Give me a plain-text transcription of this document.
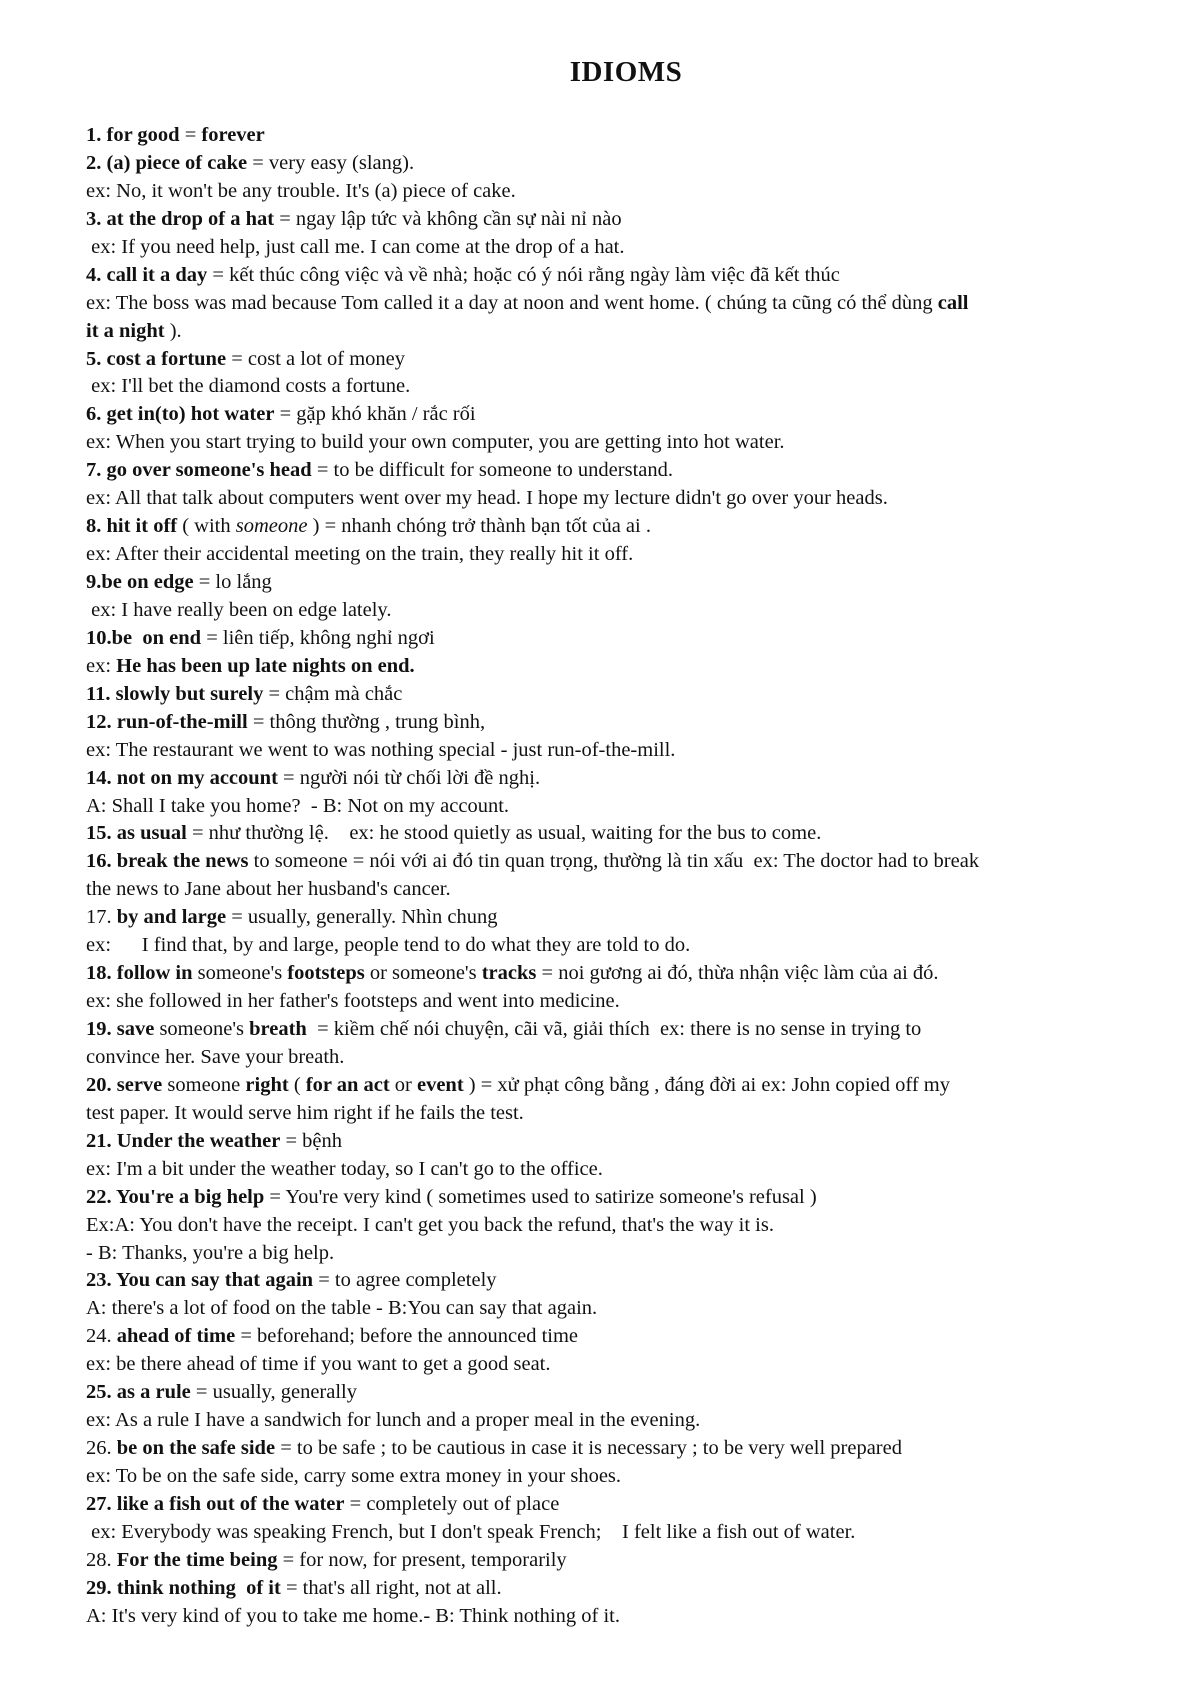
IDIOMS
1. for good = forever
2. (a) piece of cake = very easy (slang).
ex: No, it won't be any trouble. It's (a) piece of cake.
3. at the drop of a hat = ngay lập tức và không cần sự nài nỉ nào
ex: If you need help, just call me. I can come at the drop of a hat.
4. call it a day = kết thúc công việc và về nhà; hoặc có ý nói rằng ngày làm việc đã kết thúc
ex: The boss was mad because Tom called it a day at noon and went home. ( chúng ta cũng có thể dùng call
it a night ).
5. cost a fortune = cost a lot of money
ex: I'll bet the diamond costs a fortune.
6. get in(to) hot water = gặp khó khăn / rắc rối
ex: When you start trying to build your own computer, you are getting into hot water.
7. go over someone's head = to be difficult for someone to understand.
ex: All that talk about computers went over my head. I hope my lecture didn't go over your heads.
8. hit it off ( with someone ) = nhanh chóng trở thành bạn tốt của ai .
ex: After their accidental meeting on the train, they really hit it off.
9.be on edge = lo lắng
ex: I have really been on edge lately.
10.be  on end = liên tiếp, không nghỉ ngơi
ex: He has been up late nights on end.
11. slowly but surely = chậm mà chắc
12. run-of-the-mill = thông thường , trung bình,
ex: The restaurant we went to was nothing special - just run-of-the-mill.
14. not on my account = người nói từ chối lời đề nghị.
A: Shall I take you home?  - B: Not on my account.
15. as usual = như thường lệ.    ex: he stood quietly as usual, waiting for the bus to come.
16. break the news to someone = nói với ai đó tin quan trọng, thường là tin xấu  ex: The doctor had to break
the news to Jane about her husband's cancer.
17. by and large = usually, generally. Nhìn chung
ex:      I find that, by and large, people tend to do what they are told to do.
18. follow in someone's footsteps or someone's tracks = noi gương ai đó, thừa nhận việc làm của ai đó.
ex: she followed in her father's footsteps and went into medicine.
19. save someone's breath  = kiềm chế nói chuyện, cãi vã, giải thích  ex: there is no sense in trying to
convince her. Save your breath.
20. serve someone right ( for an act or event ) = xử phạt công bằng , đáng đời ai ex: John copied off my
test paper. It would serve him right if he fails the test.
21. Under the weather = bệnh
ex: I'm a bit under the weather today, so I can't go to the office.
22. You're a big help = You're very kind ( sometimes used to satirize someone's refusal )
Ex:A: You don't have the receipt. I can't get you back the refund, that's the way it is.
- B: Thanks, you're a big help.
23. You can say that again = to agree completely
A: there's a lot of food on the table - B:You can say that again.
24. ahead of time = beforehand; before the announced time
ex: be there ahead of time if you want to get a good seat.
25. as a rule = usually, generally
ex: As a rule I have a sandwich for lunch and a proper meal in the evening.
26. be on the safe side = to be safe ; to be cautious in case it is necessary ; to be very well prepared
ex: To be on the safe side, carry some extra money in your shoes.
27. like a fish out of the water = completely out of place
ex: Everybody was speaking French, but I don't speak French;    I felt like a fish out of water.
28. For the time being = for now, for present, temporarily
29. think nothing  of it = that's all right, not at all.
A: It's very kind of you to take me home.- B: Think nothing of it.
